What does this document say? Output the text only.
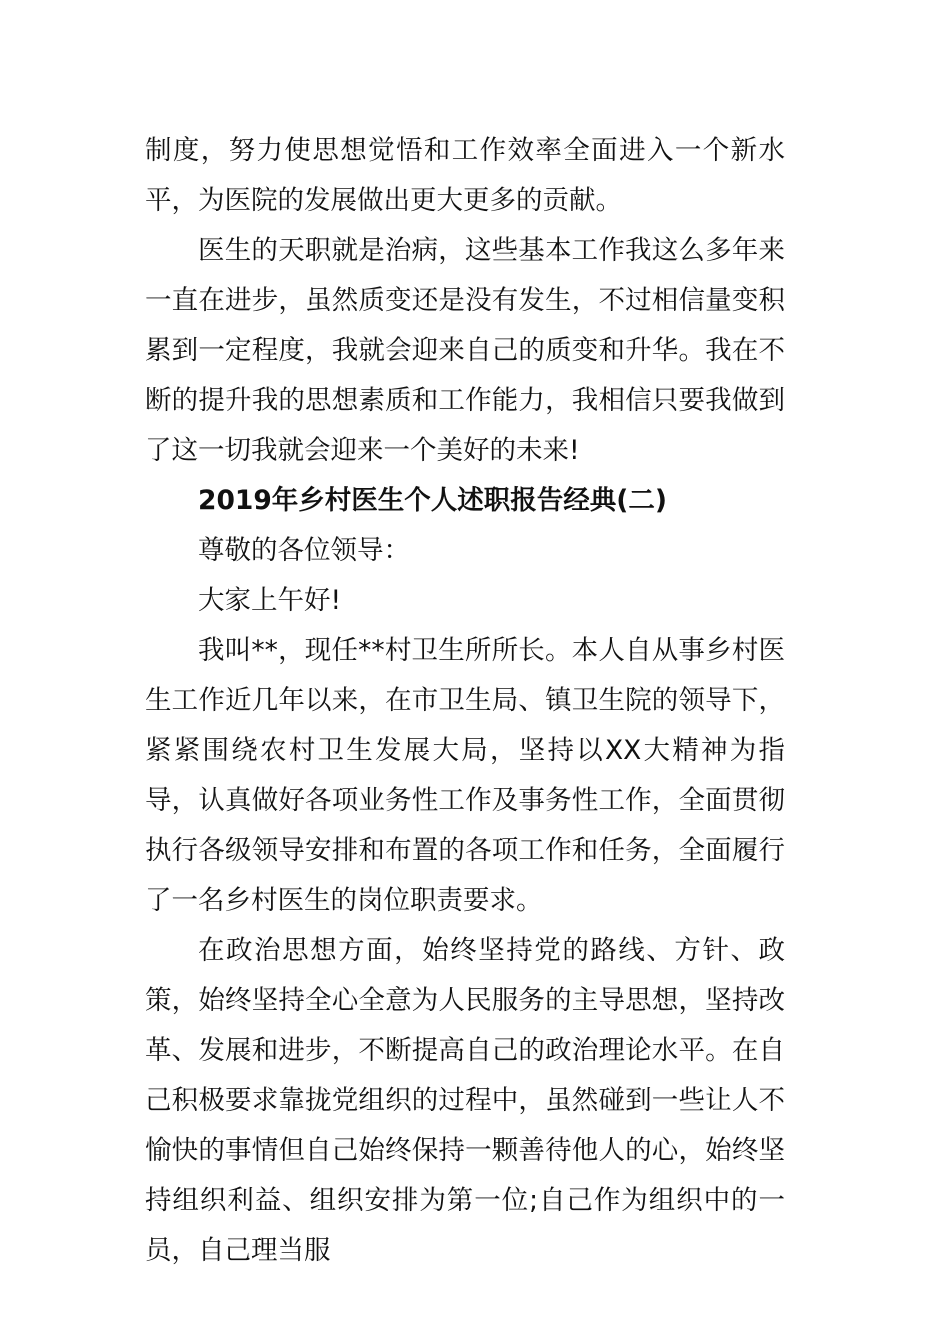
制度，努力使思想觉悟和工作效率全面进入一个新水平，为医院的发展做出更大更多的贡献。

医生的天职就是治病，这些基本工作我这么多年来一直在进步，虽然质变还是没有发生，不过相信量变积累到一定程度，我就会迎来自己的质变和升华。我在不断的提升我的思想素质和工作能力，我相信只要我做到了这一切我就会迎来一个美好的未来!

2019年乡村医生个人述职报告经典(二)

尊敬的各位领导：

大家上午好!

我叫**，现任**村卫生所所长。本人自从事乡村医生工作近几年以来，在市卫生局、镇卫生院的领导下，紧紧围绕农村卫生发展大局，坚持以XX大精神为指导，认真做好各项业务性工作及事务性工作，全面贯彻执行各级领导安排和布置的各项工作和任务，全面履行了一名乡村医生的岗位职责要求。

在政治思想方面，始终坚持党的路线、方针、政策，始终坚持全心全意为人民服务的主导思想，坚持改革、发展和进步，不断提高自己的政治理论水平。在自己积极要求靠拢党组织的过程中，虽然碰到一些让人不愉快的事情但自己始终保持一颗善待他人的心，始终坚持组织利益、组织安排为第一位;自己作为组织中的一员，自己理当服
